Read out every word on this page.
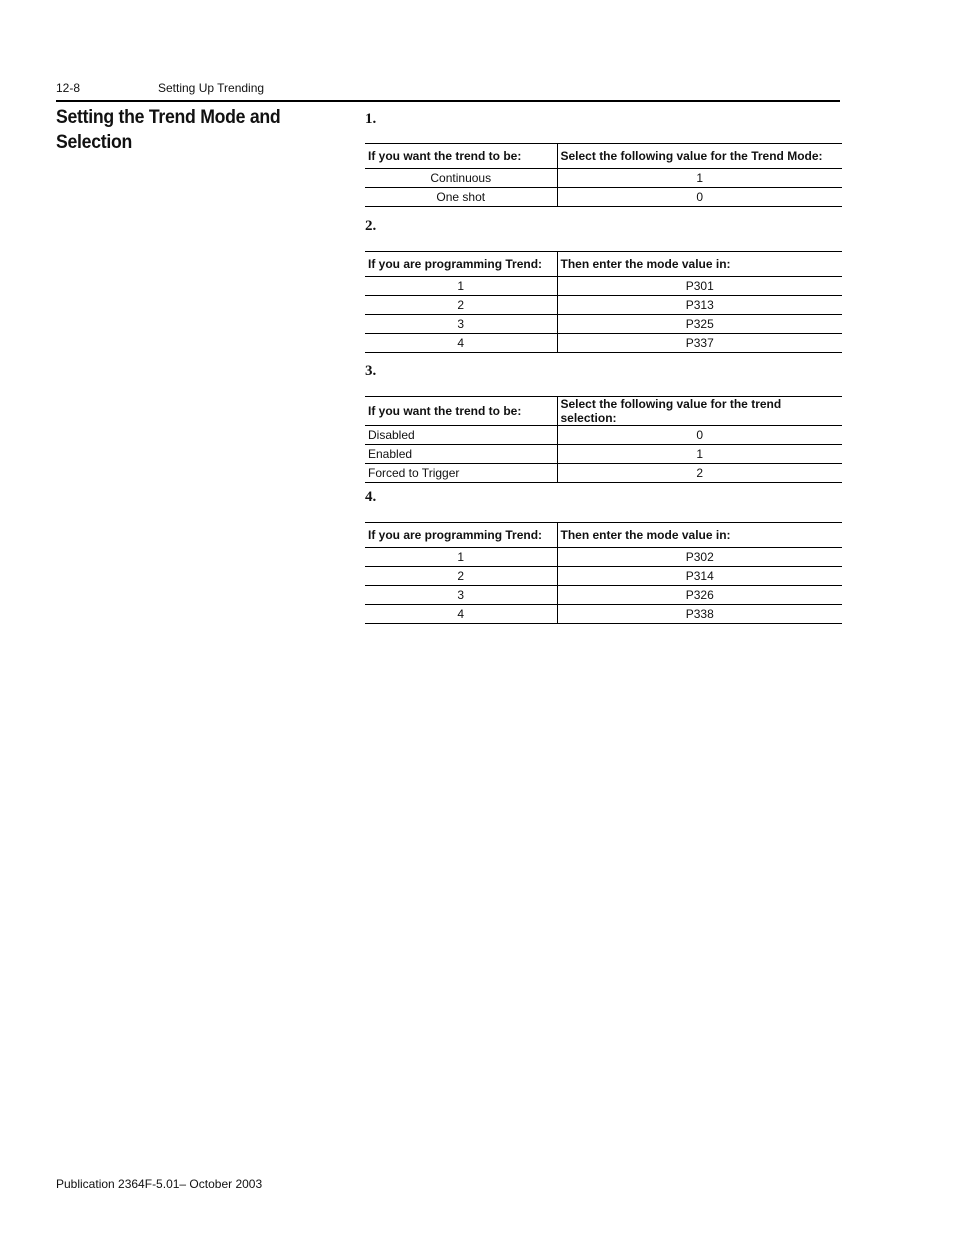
12-8	Setting Up Trending
Setting the Trend Mode and Selection
1.
If you want the trend to be:	Select the following value for the Trend Mode:
Continuous	1
One shot	0
2.
If you are programming Trend:	Then enter the mode value in:
1	P301
2	P313
3	P325
4	P337
3.
If you want the trend to be:	Select the following value for the trend selection:
Disabled	0
Enabled	1
Forced to Trigger	2
4.
If you are programming Trend:	Then enter the mode value in:
1	P302
2	P314
3	P326
4	P338
Publication 2364F-5.01– October 2003
